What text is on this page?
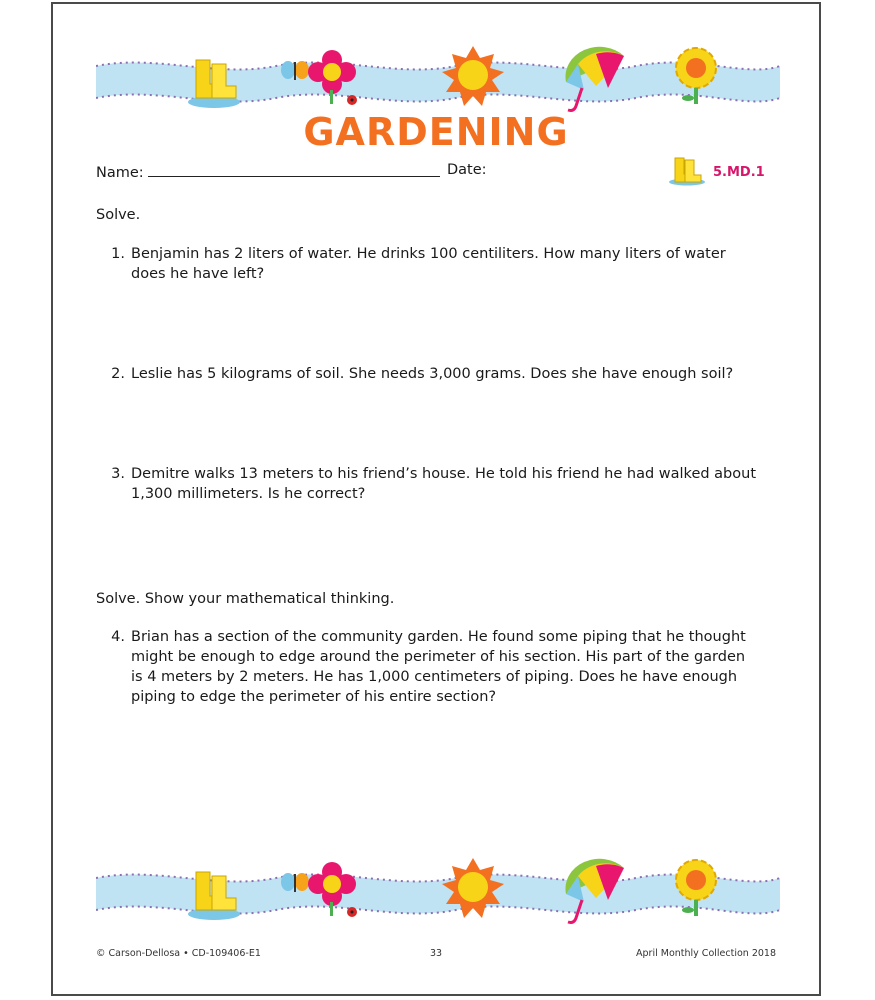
GARDENING
Name:	Date:	5.MD.1
Solve.
1. Benjamin has 2 liters of water. He drinks 100 centiliters. How many liters of water does he have left?
2. Leslie has 5 kilograms of soil. She needs 3,000 grams. Does she have enough soil?
3. Demitre walks 13 meters to his friend’s house. He told his friend he had walked about 1,300 millimeters. Is he correct?
Solve. Show your mathematical thinking.
4. Brian has a section of the community garden. He found some piping that he thought might be enough to edge around the perimeter of his section. His part of the garden is 4 meters by 2 meters. He has 1,000 centimeters of piping. Does he have enough piping to edge the perimeter of his entire section?
© Carson-Dellosa • CD-109406-E1	33	April Monthly Collection 2018
